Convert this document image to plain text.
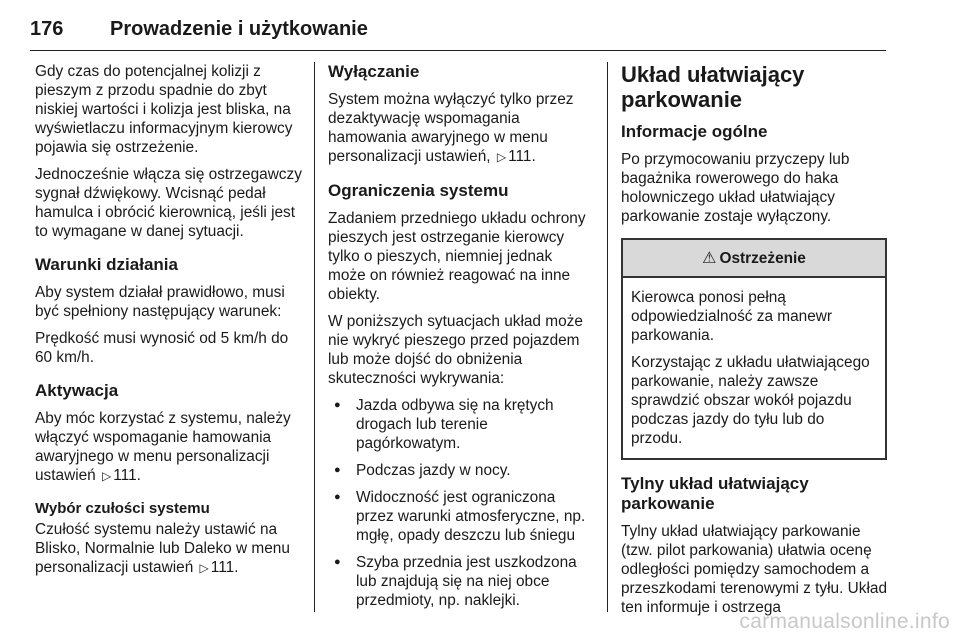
176	Prowadzenie i użytkowanie

Gdy czas do potencjalnej kolizji z pieszym z przodu spadnie do zbyt niskiej wartości i kolizja jest bliska, na wyświetlaczu informacyjnym kierowcy pojawia się ostrzeżenie.

Jednocześnie włącza się ostrzegawczy sygnał dźwiękowy. Wcisnąć pedał hamulca i obrócić kierownicą, jeśli jest to wymagane w danej sytuacji.

Warunki działania

Aby system działał prawidłowo, musi być spełniony następujący warunek:

Prędkość musi wynosić od 5 km/h do 60 km/h.

Aktywacja

Aby móc korzystać z systemu, należy włączyć wspomaganie hamowania awaryjnego w menu personalizacji ustawień ▷ 111.

Wybór czułości systemu

Czułość systemu należy ustawić na Blisko, Normalnie lub Daleko w menu personalizacji ustawień ▷ 111.

Wyłączanie

System można wyłączyć tylko przez dezaktywację wspomagania hamowania awaryjnego w menu personalizacji ustawień, ▷ 111.

Ograniczenia systemu

Zadaniem przedniego układu ochrony pieszych jest ostrzeganie kierowcy tylko o pieszych, niemniej jednak może on również reagować na inne obiekty.

W poniższych sytuacjach układ może nie wykryć pieszego przed pojazdem lub może dojść do obniżenia skuteczności wykrywania:

● Jazda odbywa się na krętych drogach lub terenie pagórkowatym.
● Podczas jazdy w nocy.
● Widoczność jest ograniczona przez warunki atmosferyczne, np. mgłę, opady deszczu lub śniegu
● Szyba przednia jest uszkodzona lub znajdują się na niej obce przedmioty, np. naklejki.
Układ ułatwiający parkowanie
Informacje ogólne

Po przymocowaniu przyczepy lub bagażnika rowerowego do haka holowniczego układ ułatwiający parkowanie zostaje wyłączony.

⚠ Ostrzeżenie

Kierowca ponosi pełną odpowiedzialność za manewr parkowania.

Korzystając z układu ułatwiającego parkowanie, należy zawsze sprawdzić obszar wokół pojazdu podczas jazdy do tyłu lub do przodu.

Tylny układ ułatwiający parkowanie

Tylny układ ułatwiający parkowanie (tzw. pilot parkowania) ułatwia ocenę odległości pomiędzy samochodem a przeszkodami terenowymi z tyłu. Układ ten informuje i ostrzega

carmanualsonline.info
